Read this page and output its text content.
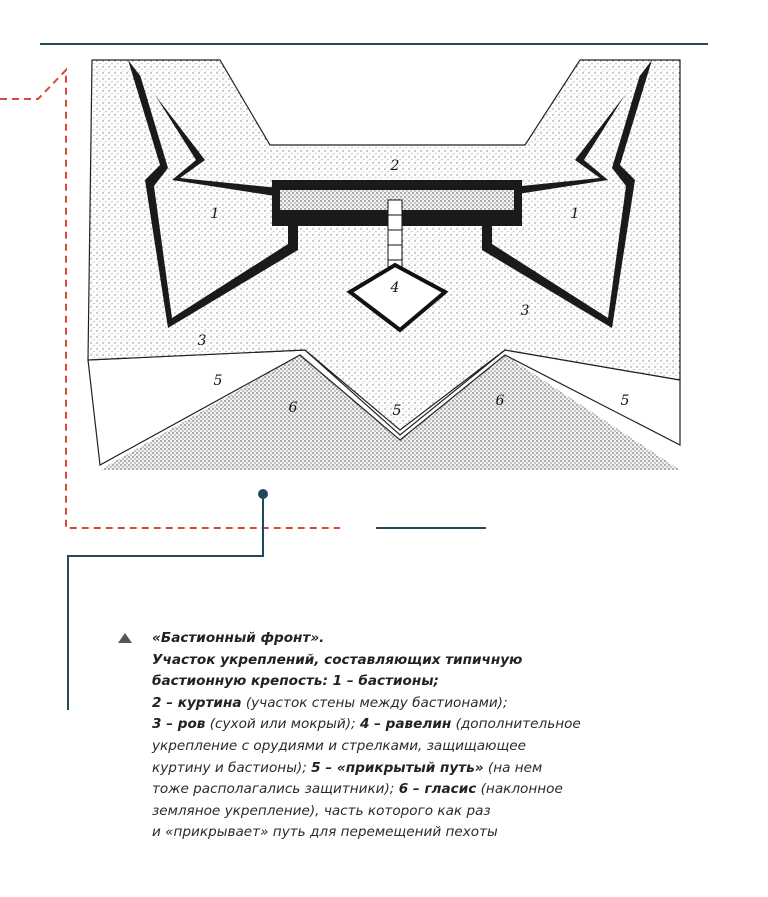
2
1	1
4
3
3
5
5
5
6	6
«Бастионный фронт».
Участок укреплений, составляющих типичную
бастионную крепость: 1 – бастионы;
2 – куртина (участок стены между бастионами);
3 – ров (сухой или мокрый); 4 – равелин (дополнительное
укрепление с орудиями и стрелками, защищающее
куртину и бастионы); 5 – «прикрытый путь» (на нем
тоже располагались защитники); 6 – гласис (наклонное
земляное укрепление), часть которого как раз
и «прикрывает» путь для перемещений пехоты
